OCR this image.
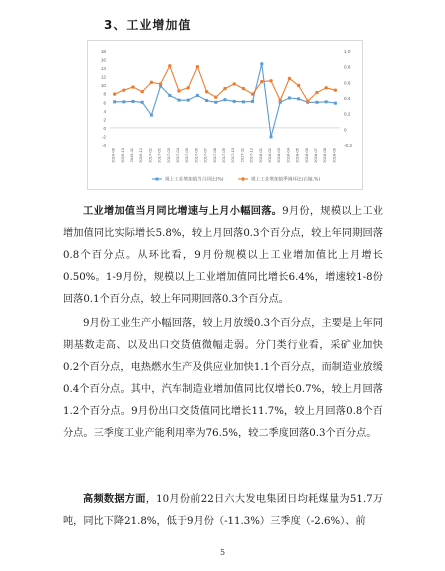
3、工业增加值
-4
-2
0
2
4
6
8
10
12
14
16
18
-0.2
0
0.2
0.4
0.6
0.8
1.0
2016-09 2016-10 2016-11 2016-12 2017-01 2017-02 2017-03 2017-04 2017-05 2017-06 2017-07 2017-08 2017-09 2017-10 2017-11 2017-12 2018-01 2018-02 2018-03 2018-04 2018-05 2018-06 2018-07 2018-08 2018-09
规上工业增加值当月同比(%)	规上工业增加值季调环比(右轴,%)

工业增加值当月同比增速与上月小幅回落。9月份，规模以上工业增加值同比实际增长5.8%，较上月回落0.3个百分点，较上年同期回落0.8个百分点。从环比看，9月份规模以上工业增加值比上月增长0.50%。1-9月份，规模以上工业增加值同比增长6.4%，增速较1-8份回落0.1个百分点，较上年同期回落0.3个百分点。

9月份工业生产小幅回落，较上月放缓0.3个百分点，主要是上年同期基数走高、以及出口交货值微幅走弱。分门类行业看，采矿业加快0.2个百分点，电热燃水生产及供应业加快1.1个百分点，而制造业放缓0.4个百分点。其中，汽车制造业增加值同比仅增长0.7%，较上月回落1.2个百分点。9月份出口交货值同比增长11.7%，较上月回落0.8个百分点。三季度工业产能利用率为76.5%，较二季度回落0.3个百分点。

高频数据方面，10月份前22日六大发电集团日均耗煤量为51.7万吨，同比下降21.8%，低于9月份（-11.3%）三季度（-2.6%）、前

5
